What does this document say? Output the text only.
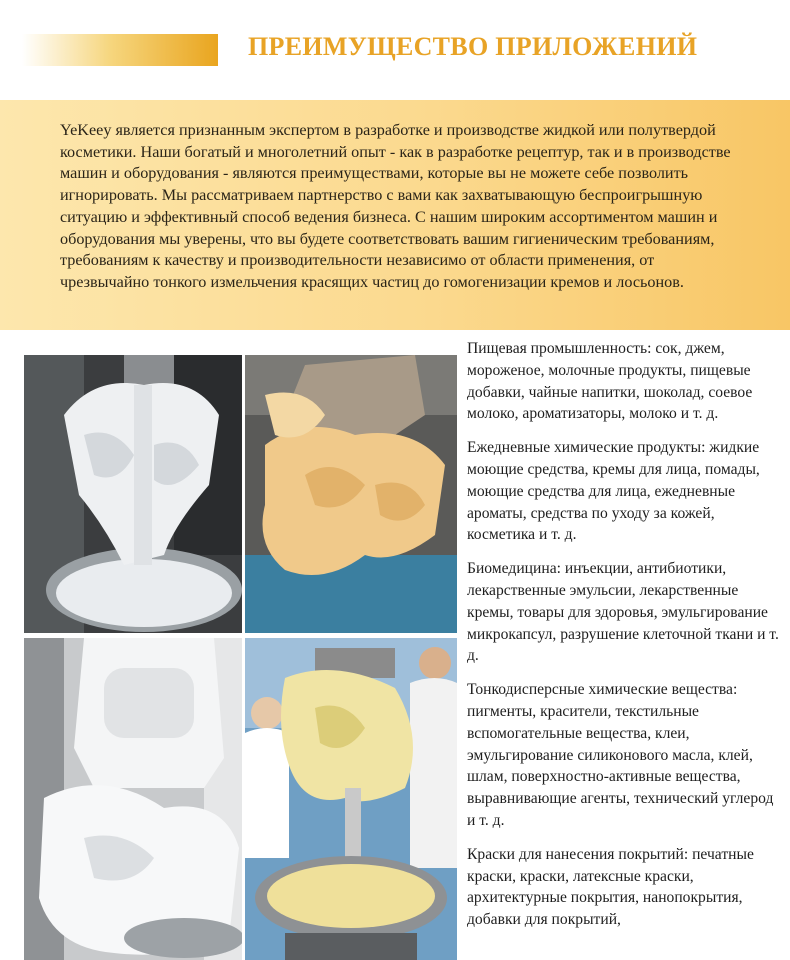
ПРЕИМУЩЕСТВО ПРИЛОЖЕНИЙ

YeKeey является признанным экспертом в разработке и производстве жидкой или полутвердой косметики. Наши богатый и многолетний опыт - как в разработке рецептур, так и в производстве машин и оборудования - являются преимуществами, которые вы не можете себе позволить игнорировать. Мы рассматриваем партнерство с вами как захватывающую беспроигрышную ситуацию и эффективный способ ведения бизнеса. С нашим широким ассортиментом машин и оборудования мы уверены, что вы будете соответствовать вашим гигиеническим требованиям, требованиям к качеству и производительности независимо от области применения, от чрезвычайно тонкого измельчения красящих частиц до гомогенизации кремов и лосьонов.

Пищевая промышленность: сок, джем, мороженое, молочные продукты, пищевые добавки, чайные напитки, шоколад, соевое молоко, ароматизаторы, молоко и т. д.

Ежедневные химические продукты: жидкие моющие средства, кремы для лица, помады, моющие средства для лица, ежедневные ароматы, средства по уходу за кожей, косметика и т. д.

Биомедицина: инъекции, антибиотики, лекарственные эмульсии, лекарственные кремы, товары для здоровья, эмульгирование микрокапсул, разрушение клеточной ткани и т. д.

Тонкодисперсные химические вещества: пигменты, красители, текстильные вспомогательные вещества, клеи, эмульгирование силиконового масла, клей, шлам, поверхностно-активные вещества, выравнивающие агенты, технический углерод и т. д.

Краски для нанесения покрытий: печатные краски, краски, латексные краски, архитектурные покрытия, нанопокрытия, добавки для покрытий,
